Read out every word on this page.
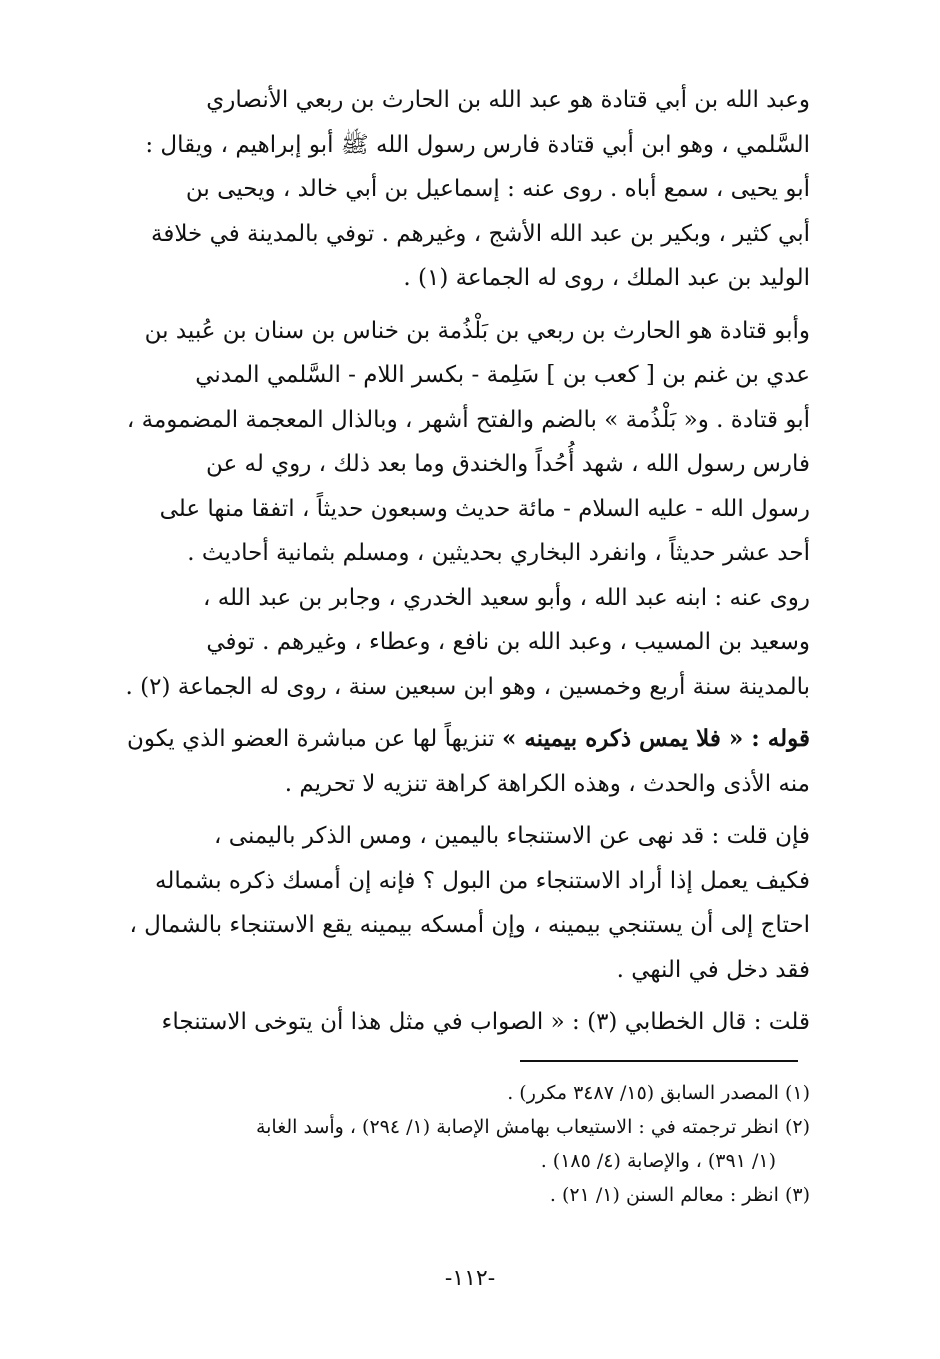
وعبد الله بن أبي قتادة هو عبد الله بن الحارث بن ربعي الأنصاري
السَّلمي ، وهو ابن أبي قتادة فارس رسول الله ﷺ أبو إبراهيم ، ويقال :
أبو يحيى ، سمع أباه . روى عنه : إسماعيل بن أبي خالد ، ويحيى بن
أبي كثير ، وبكير بن عبد الله الأشج ، وغيرهم . توفي بالمدينة في خلافة
الوليد بن عبد الملك ، روى له الجماعة (١) .

وأبو قتادة هو الحارث بن ربعي بن بَلْذُمة بن خناس بن سنان بن عُبيد بن
عدي بن غنم بن [ كعب بن ] سَلِمة - بكسر اللام - السَّلمي المدني
أبو قتادة . و« بَلْذُمة » بالضم والفتح أشهر ، وبالذال المعجمة المضمومة ،
فارس رسول الله ، شهد أُحُداً والخندق وما بعد ذلك ، روي له عن
رسول الله - عليه السلام - مائة حديث وسبعون حديثاً ، اتفقا منها على
أحد عشر حديثاً ، وانفرد البخاري بحديثين ، ومسلم بثمانية أحاديث .
روى عنه : ابنه عبد الله ، وأبو سعيد الخدري ، وجابر بن عبد الله ،
وسعيد بن المسيب ، وعبد الله بن نافع ، وعطاء ، وغيرهم . توفي
بالمدينة سنة أربع وخمسين ، وهو ابن سبعين سنة ، روى له الجماعة (٢) .

قوله : « فلا يمس ذكره بيمينه » تنزيهاً لها عن مباشرة العضو الذي يكون
منه الأذى والحدث ، وهذه الكراهة كراهة تنزيه لا تحريم .

فإن قلت : قد نهى عن الاستنجاء باليمين ، ومس الذكر باليمنى ،
فكيف يعمل إذا أراد الاستنجاء من البول ؟ فإنه إن أمسك ذكره بشماله
احتاج إلى أن يستنجي بيمينه ، وإن أمسكه بيمينه يقع الاستنجاء بالشمال ،
فقد دخل في النهي .

قلت : قال الخطابي (٣) : « الصواب في مثل هذا أن يتوخى الاستنجاء

(١) المصدر السابق (١٥/ ٣٤٨٧ مكرر) .

(٢) انظر ترجمته في : الاستيعاب بهامش الإصابة (١/ ٢٩٤) ، وأسد الغابة

(١/ ٣٩١) ، والإصابة (٤/ ١٨٥) .

(٣) انظر : معالم السنن (١/ ٢١) .

-١١٢-
